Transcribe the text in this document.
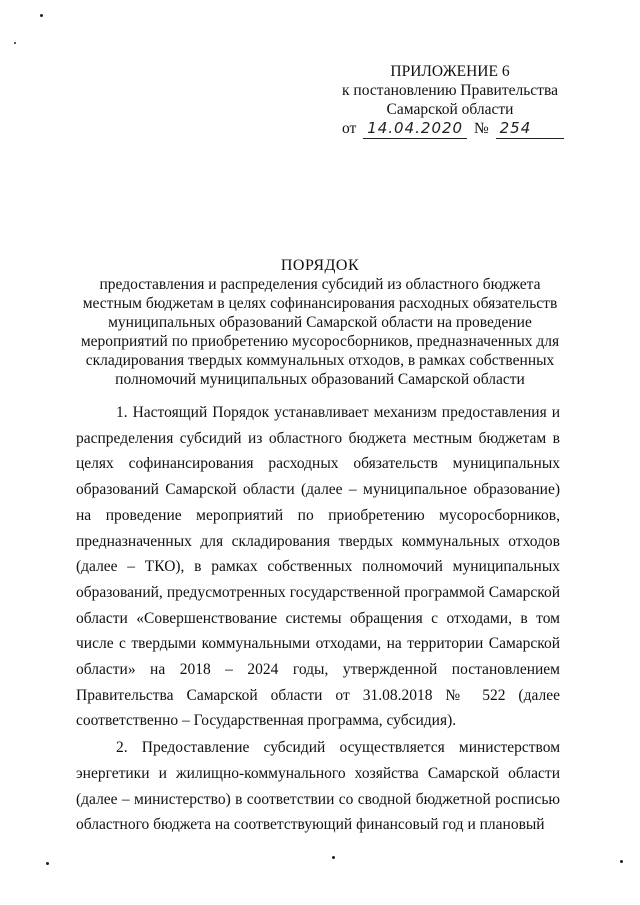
ПРИЛОЖЕНИЕ 6
к постановлению Правительства
Самарской области
от 14.04.2020 № 254
ПОРЯДОК
предоставления и распределения субсидий из областного бюджета местным бюджетам в целях софинансирования расходных обязательств муниципальных образований Самарской области на проведение мероприятий по приобретению мусоросборников, предназначенных для складирования твердых коммунальных отходов, в рамках собственных полномочий муниципальных образований Самарской области

1. Настоящий Порядок устанавливает механизм предоставления и распределения субсидий из областного бюджета местным бюджетам в целях софинансирования расходных обязательств муниципальных образований Самарской области (далее – муниципальное образование) на проведение мероприятий по приобретению мусоросборников, предназначенных для складирования твердых коммунальных отходов (далее – ТКО), в рамках собственных полномочий муниципальных образований, предусмотренных государственной программой Самарской области «Совершенствование системы обращения с отходами, в том числе с твердыми коммунальными отходами, на территории Самарской области» на 2018 – 2024 годы, утвержденной постановлением Правительства Самарской области от 31.08.2018 № 522 (далее соответственно – Государственная программа, субсидия).

2. Предоставление субсидий осуществляется министерством энергетики и жилищно-коммунального хозяйства Самарской области (далее – министерство) в соответствии со сводной бюджетной росписью областного бюджета на соответствующий финансовый год и плановый
